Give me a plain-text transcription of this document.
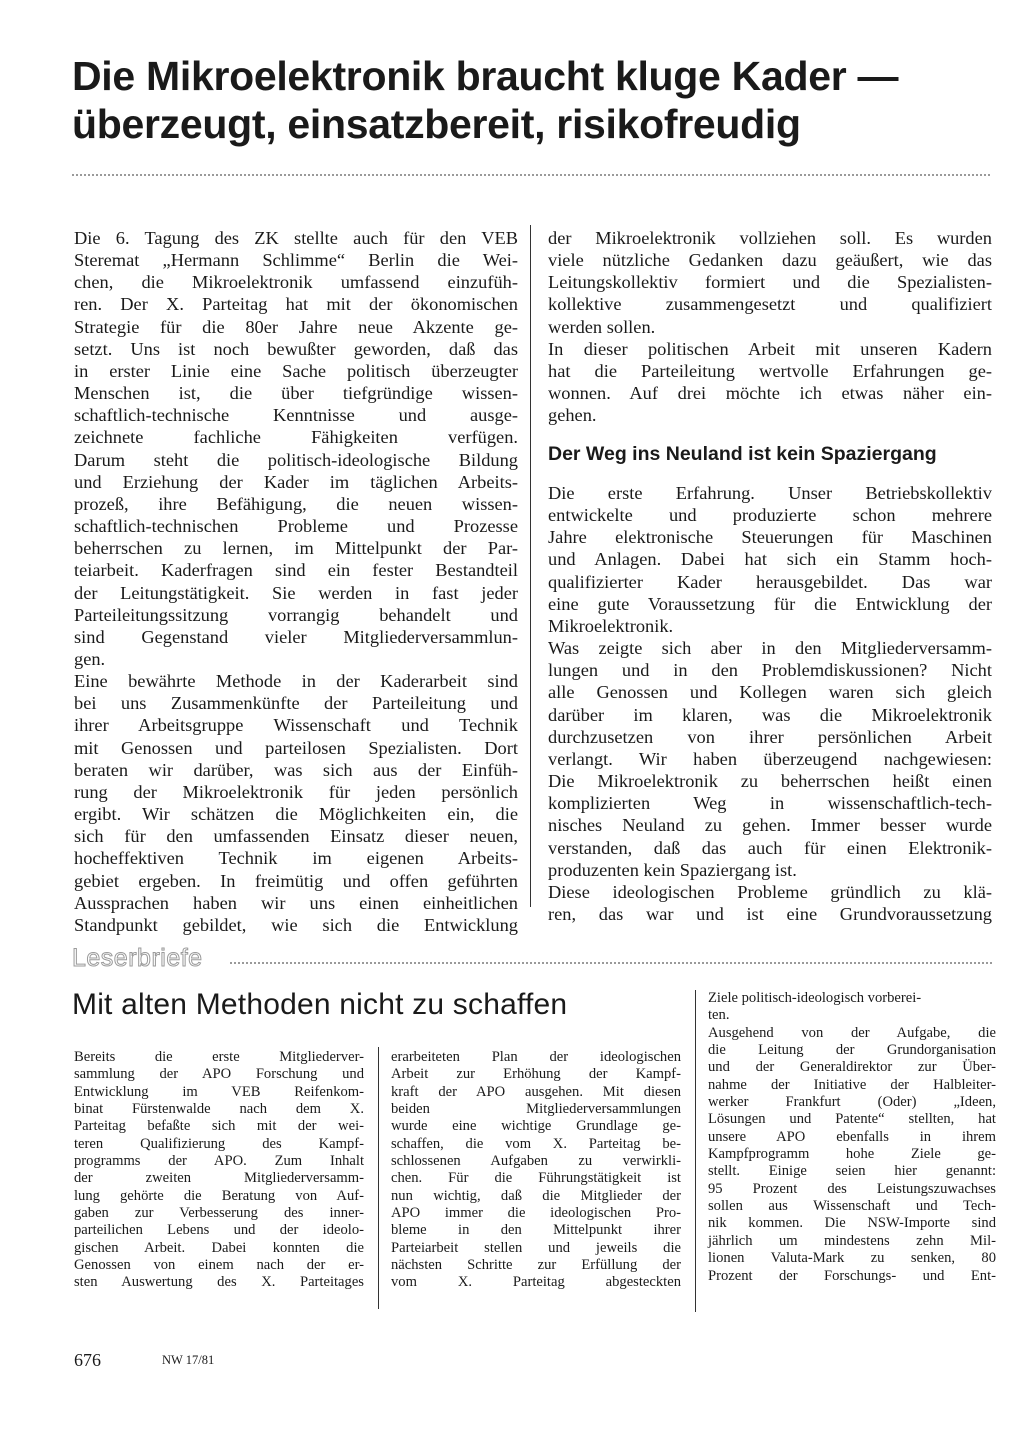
Die Mikroelektronik braucht kluge Kader —
überzeugt, einsatzbereit, risikofreudig
Die 6. Tagung des ZK stellte auch für den VEB
Steremat „Hermann Schlimme“ Berlin die Wei-
chen, die Mikroelektronik umfassend einzufüh-
ren. Der X. Parteitag hat mit der ökonomischen
Strategie für die 80er Jahre neue Akzente ge-
setzt. Uns ist noch bewußter geworden, daß das
in erster Linie eine Sache politisch überzeugter
Menschen ist, die über tiefgründige wissen-
schaftlich-technische Kenntnisse und ausge-
zeichnete fachliche Fähigkeiten verfügen.
Darum steht die politisch-ideologische Bildung
und Erziehung der Kader im täglichen Arbeits-
prozeß, ihre Befähigung, die neuen wissen-
schaftlich-technischen Probleme und Prozesse
beherrschen zu lernen, im Mittelpunkt der Par-
teiarbeit. Kaderfragen sind ein fester Bestandteil
der Leitungstätigkeit. Sie werden in fast jeder
Parteileitungssitzung vorrangig behandelt und
sind Gegenstand vieler Mitgliederversammlun-
gen.
Eine bewährte Methode in der Kaderarbeit sind
bei uns Zusammenkünfte der Parteileitung und
ihrer Arbeitsgruppe Wissenschaft und Technik
mit Genossen und parteilosen Spezialisten. Dort
beraten wir darüber, was sich aus der Einfüh-
rung der Mikroelektronik für jeden persönlich
ergibt. Wir schätzen die Möglichkeiten ein, die
sich für den umfassenden Einsatz dieser neuen,
hocheffektiven Technik im eigenen Arbeits-
gebiet ergeben. In freimütig und offen geführten
Aussprachen haben wir uns einen einheitlichen
Standpunkt gebildet, wie sich die Entwicklung
der Mikroelektronik vollziehen soll. Es wurden
viele nützliche Gedanken dazu geäußert, wie das
Leitungskollektiv formiert und die Spezialisten-
kollektive zusammengesetzt und qualifiziert
werden sollen.
In dieser politischen Arbeit mit unseren Kadern
hat die Parteileitung wertvolle Erfahrungen ge-
wonnen. Auf drei möchte ich etwas näher ein-
gehen.
Der Weg ins Neuland ist kein Spaziergang
Die erste Erfahrung. Unser Betriebskollektiv
entwickelte und produzierte schon mehrere
Jahre elektronische Steuerungen für Maschinen
und Anlagen. Dabei hat sich ein Stamm hoch-
qualifizierter Kader herausgebildet. Das war
eine gute Voraussetzung für die Entwicklung der
Mikroelektronik.
Was zeigte sich aber in den Mitgliederversamm-
lungen und in den Problemdiskussionen? Nicht
alle Genossen und Kollegen waren sich gleich
darüber im klaren, was die Mikroelektronik
durchzusetzen von ihrer persönlichen Arbeit
verlangt. Wir haben überzeugend nachgewiesen:
Die Mikroelektronik zu beherrschen heißt einen
komplizierten Weg in wissenschaftlich-tech-
nisches Neuland zu gehen. Immer besser wurde
verstanden, daß das auch für einen Elektronik-
produzenten kein Spaziergang ist.
Diese ideologischen Probleme gründlich zu klä-
ren, das war und ist eine Grundvoraussetzung
Leserbriefe
Mit alten Methoden nicht zu schaffen
Bereits die erste Mitgliederver-
sammlung der APO Forschung und
Entwicklung im VEB Reifenkom-
binat Fürstenwalde nach dem X.
Parteitag befaßte sich mit der wei-
teren Qualifizierung des Kampf-
programms der APO. Zum Inhalt
der zweiten Mitgliederversamm-
lung gehörte die Beratung von Auf-
gaben zur Verbesserung des inner-
parteilichen Lebens und der ideolo-
gischen Arbeit. Dabei konnten die
Genossen von einem nach der er-
sten Auswertung des X. Parteitages
erarbeiteten Plan der ideologischen
Arbeit zur Erhöhung der Kampf-
kraft der APO ausgehen. Mit diesen
beiden Mitgliederversammlungen
wurde eine wichtige Grundlage ge-
schaffen, die vom X. Parteitag be-
schlossenen Aufgaben zu verwirkli-
chen. Für die Führungstätigkeit ist
nun wichtig, daß die Mitglieder der
APO immer die ideologischen Pro-
bleme in den Mittelpunkt ihrer
Parteiarbeit stellen und jeweils die
nächsten Schritte zur Erfüllung der
vom X. Parteitag abgesteckten
Ziele politisch-ideologisch vorberei-
ten.
Ausgehend von der Aufgabe, die
die Leitung der Grundorganisation
und der Generaldirektor zur Über-
nahme der Initiative der Halbleiter-
werker Frankfurt (Oder) „Ideen,
Lösungen und Patente“ stellten, hat
unsere APO ebenfalls in ihrem
Kampfprogramm hohe Ziele ge-
stellt. Einige seien hier genannt:
95 Prozent des Leistungszuwachses
sollen aus Wissenschaft und Tech-
nik kommen. Die NSW-Importe sind
jährlich um mindestens zehn Mil-
lionen Valuta-Mark zu senken, 80
Prozent der Forschungs- und Ent-
676	NW 17/81
